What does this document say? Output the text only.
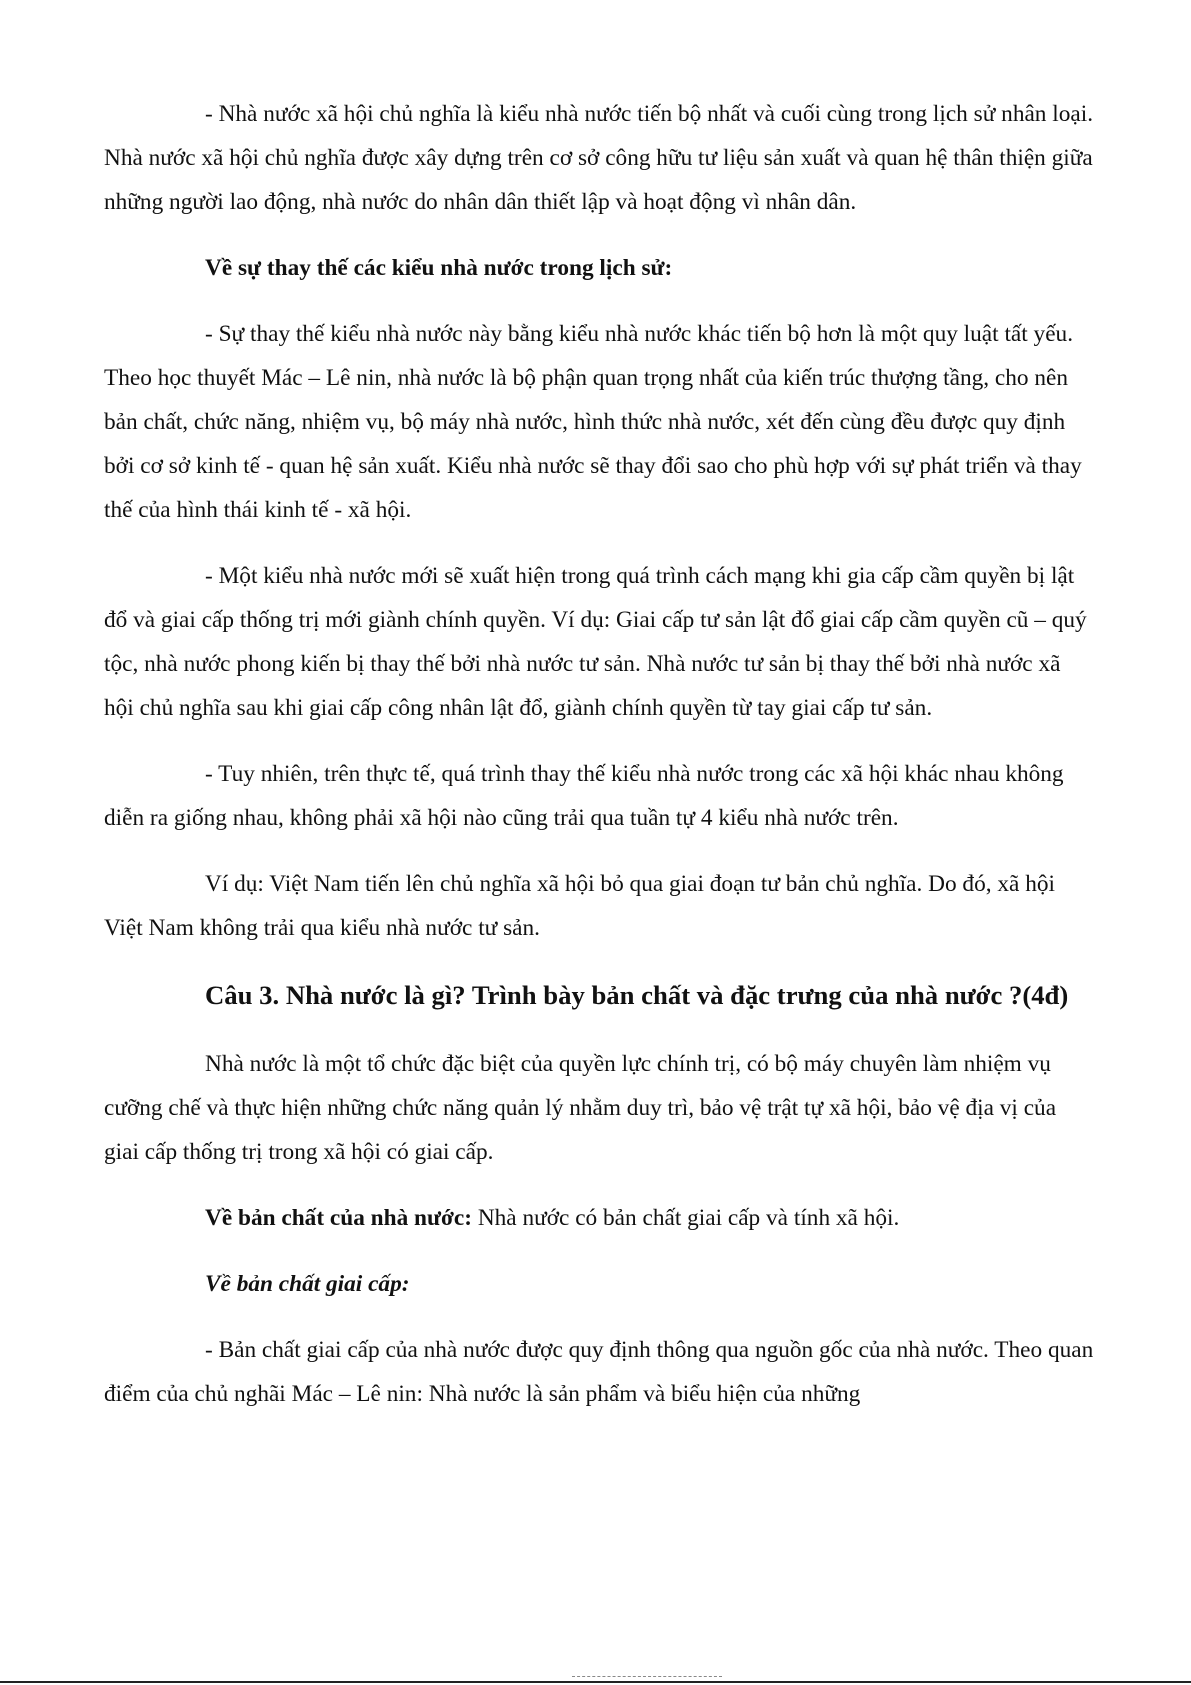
- Nhà nước xã hội chủ nghĩa là kiểu nhà nước tiến bộ nhất và cuối cùng trong lịch sử nhân loại. Nhà nước xã hội chủ nghĩa được xây dựng trên cơ sở công hữu tư liệu sản xuất và quan hệ thân thiện giữa những người lao động, nhà nước do nhân dân thiết lập và hoạt động vì nhân dân.

Về sự thay thế các kiểu nhà nước trong lịch sử:

- Sự thay thế kiểu nhà nước này bằng kiểu nhà nước khác tiến bộ hơn là một quy luật tất yếu. Theo học thuyết Mác – Lê nin, nhà nước là bộ phận quan trọng nhất của kiến trúc thượng tầng, cho nên bản chất, chức năng, nhiệm vụ, bộ máy nhà nước, hình thức nhà nước, xét đến cùng đều được quy định bởi cơ sở kinh tế - quan hệ sản xuất. Kiểu nhà nước sẽ thay đổi sao cho phù hợp với sự phát triển và thay thế của hình thái kinh tế - xã hội.

- Một kiểu nhà nước mới sẽ xuất hiện trong quá trình cách mạng khi gia cấp cầm quyền bị lật đổ và giai cấp thống trị mới giành chính quyền. Ví dụ: Giai cấp tư sản lật đổ giai cấp cầm quyền cũ – quý tộc, nhà nước phong kiến bị thay thế bởi nhà nước tư sản. Nhà nước tư sản bị thay thế bởi nhà nước xã hội chủ nghĩa sau khi giai cấp công nhân lật đổ, giành chính quyền từ tay giai cấp tư sản.

- Tuy nhiên, trên thực tế, quá trình thay thế kiểu nhà nước trong các xã hội khác nhau không diễn ra giống nhau, không phải xã hội nào cũng trải qua tuần tự 4 kiểu nhà nước trên.

Ví dụ: Việt Nam tiến lên chủ nghĩa xã hội bỏ qua giai đoạn tư bản chủ nghĩa. Do đó, xã hội Việt Nam không trải qua kiểu nhà nước tư sản.

Câu 3. Nhà nước là gì? Trình bày bản chất và đặc trưng của nhà nước ?(4đ)

Nhà nước là một tổ chức đặc biệt của quyền lực chính trị, có bộ máy chuyên làm nhiệm vụ cưỡng chế và thực hiện những chức năng quản lý nhằm duy trì, bảo vệ trật tự xã hội, bảo vệ địa vị của giai cấp thống trị trong xã hội có giai cấp.

Về bản chất của nhà nước: Nhà nước có bản chất giai cấp và tính xã hội.

Về bản chất giai cấp:

- Bản chất giai cấp của nhà nước được quy định thông qua nguồn gốc của nhà nước. Theo quan điểm của chủ nghãi Mác – Lê nin: Nhà nước là sản phẩm và biểu hiện của những
